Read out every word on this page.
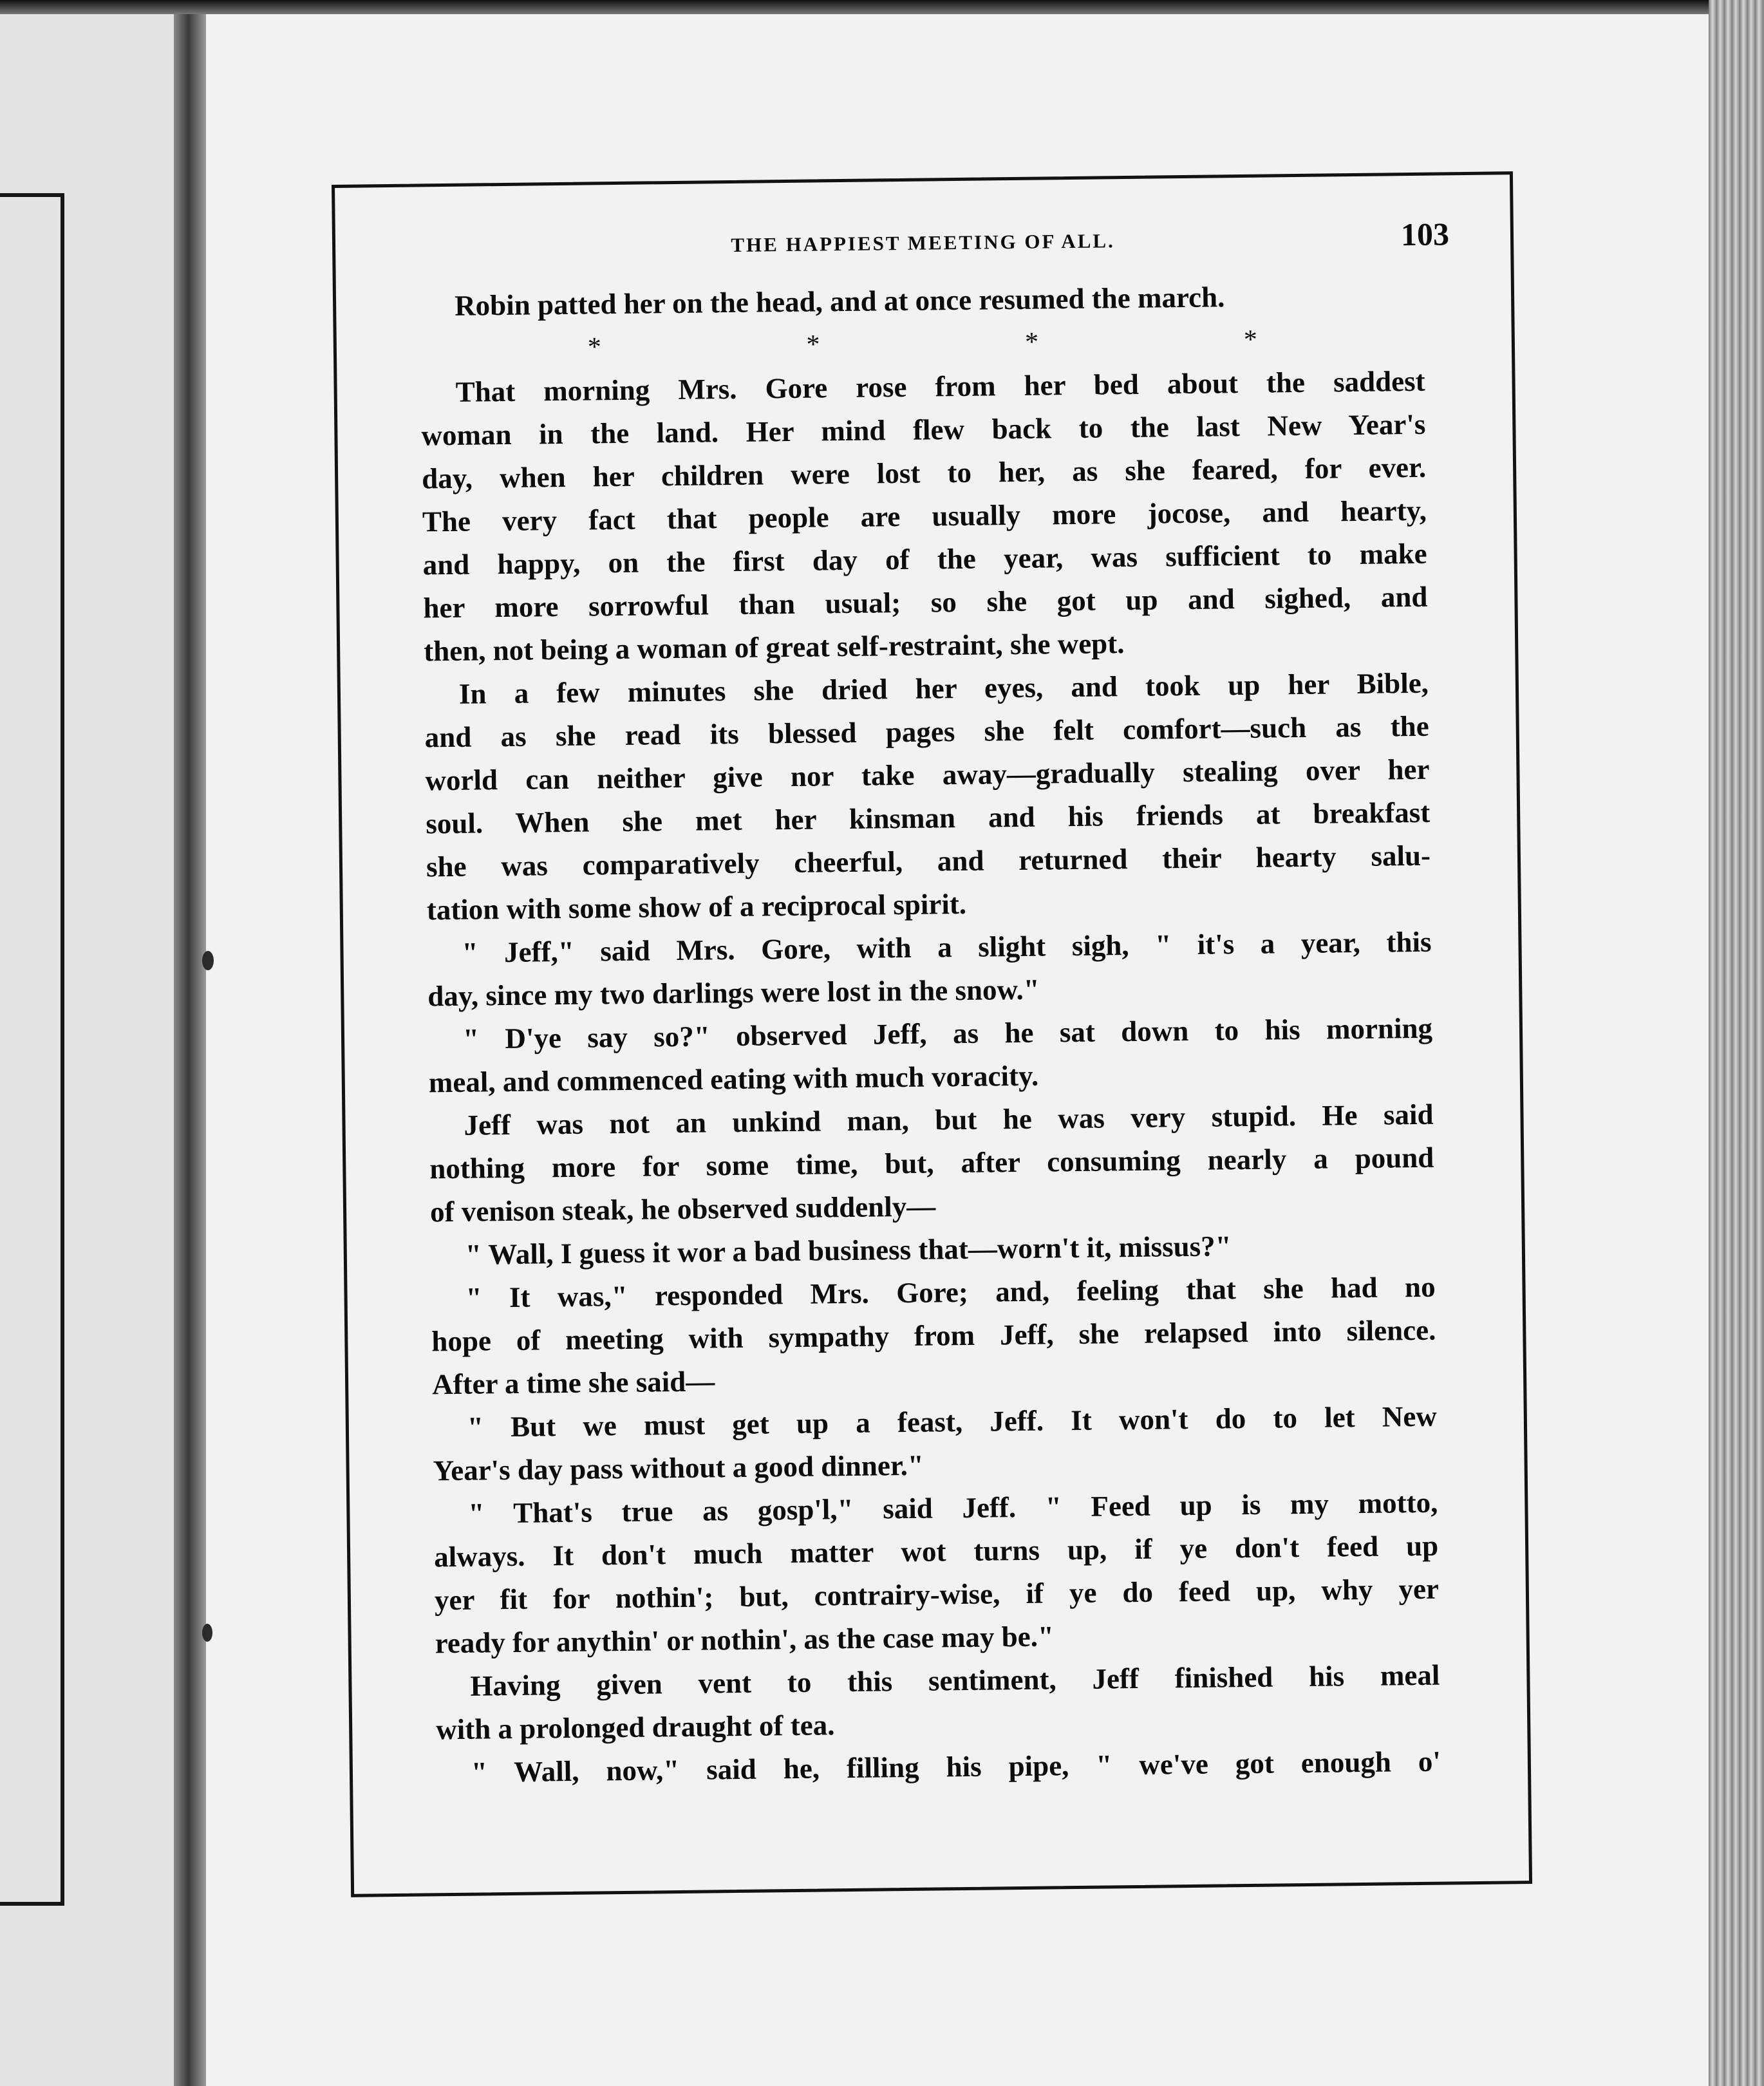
THE HAPPIEST MEETING OF ALL.	103
Robin patted her on the head, and at once resumed the march.
*	*	*	*
That morning Mrs. Gore rose from her bed about the saddest
woman in the land. Her mind flew back to the last New Year's
day, when her children were lost to her, as she feared, for ever.
The very fact that people are usually more jocose, and hearty,
and happy, on the first day of the year, was sufficient to make
her more sorrowful than usual; so she got up and sighed, and
then, not being a woman of great self-restraint, she wept.
In a few minutes she dried her eyes, and took up her Bible,
and as she read its blessed pages she felt comfort—such as the
world can neither give nor take away—gradually stealing over her
soul. When she met her kinsman and his friends at breakfast
she was comparatively cheerful, and returned their hearty salu-
tation with some show of a reciprocal spirit.
" Jeff," said Mrs. Gore, with a slight sigh, " it's a year, this
day, since my two darlings were lost in the snow."
" D'ye say so?" observed Jeff, as he sat down to his morning
meal, and commenced eating with much voracity.
Jeff was not an unkind man, but he was very stupid. He said
nothing more for some time, but, after consuming nearly a pound
of venison steak, he observed suddenly—
" Wall, I guess it wor a bad business that—worn't it, missus?"
" It was," responded Mrs. Gore; and, feeling that she had no
hope of meeting with sympathy from Jeff, she relapsed into silence.
After a time she said—
" But we must get up a feast, Jeff. It won't do to let New
Year's day pass without a good dinner."
" That's true as gosp'l," said Jeff. " Feed up is my motto,
always. It don't much matter wot turns up, if ye don't feed up
yer fit for nothin'; but, contrairy-wise, if ye do feed up, why yer
ready for anythin' or nothin', as the case may be."
Having given vent to this sentiment, Jeff finished his meal
with a prolonged draught of tea.
" Wall, now," said he, filling his pipe, " we've got enough o'
